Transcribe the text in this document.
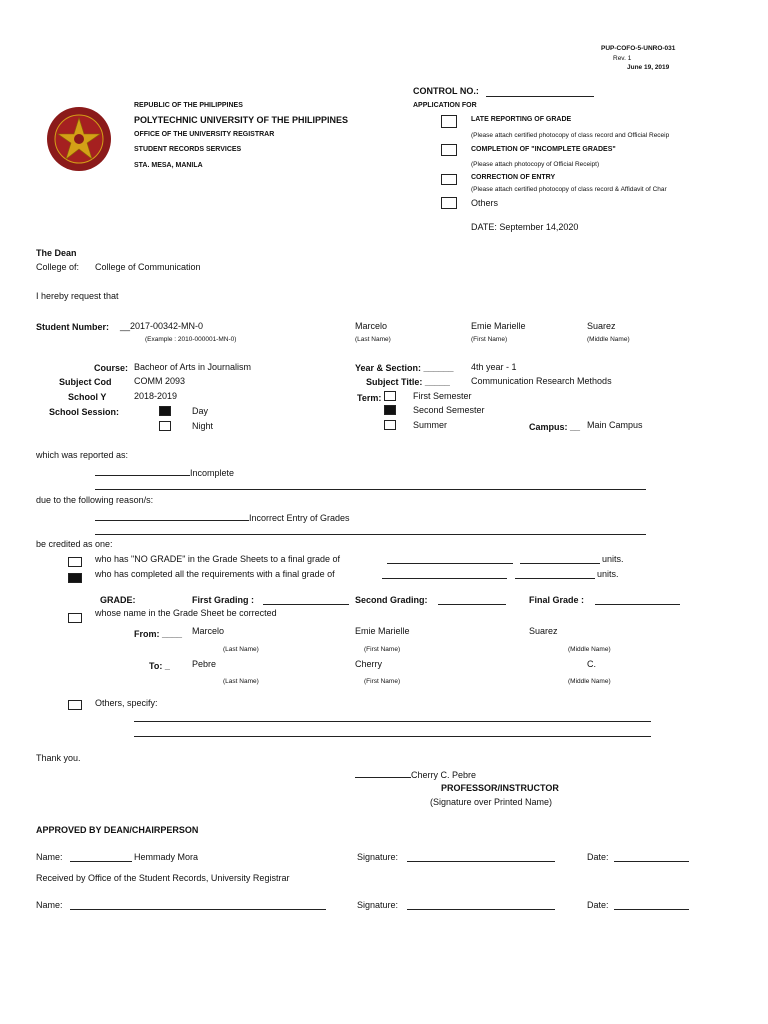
PUP-COFO-5-UNRO-031
Rev. 1
June 19, 2019
CONTROL NO.:
REPUBLIC OF THE PHILIPPINES
POLYTECHNIC UNIVERSITY OF THE PHILIPPINES
OFFICE OF THE UNIVERSITY REGISTRAR
STUDENT RECORDS SERVICES
STA. MESA, MANILA
APPLICATION FOR
LATE REPORTING OF GRADE
(Please attach certified photocopy of class record and Official Receip
COMPLETION OF "INCOMPLETE GRADES"
(Please attach photocopy of Official Receipt)
CORRECTION OF ENTRY
(Please attach certified photocopy of class record & Affidavit of Char
Others
DATE: September 14,2020
The Dean
College of: College of Communication
I hereby request that
Student Number: __2017-00342-MN-0
(Example : 2010-000001-MN-0)
Marcelo
(Last Name)
Emie Marielle
(First Name)
Suarez
(Middle Name)
Course: Bacheor of Arts in Journalism
Subject Cod COMM 2093
School Y	2018-2019
School Session:	Day
Night
Year & Section: ______ 4th year - 1
Subject Title: _____ Communication Research Methods
Term:	First Semester
Second Semester
Summer	Campus: __ Main Campus
which was reported as:
Incomplete
due to the following reason/s:
Incorrect Entry of Grades
be credited as one:
who has "NO GRADE" in the Grade Sheets to a final grade of	units.
who has completed all the requirements with a final grade of	units.
GRADE:	First Grading :	Second Grading:	Final Grade :
whose name in the Grade Sheet be corrected
From: ____ Marcelo	Emie Marielle	Suarez
(Last Name)	(First Name)	(Middle Name)
To: _ Pebre	Cherry	C.
(Last Name)	(First Name)	(Middle Name)
Others, specify:
Thank you.
Cherry C. Pebre
PROFESSOR/INSTRUCTOR
(Signature over Printed Name)
APPROVED BY DEAN/CHAIRPERSON
Name:	Hemmady Mora	Signature:	Date:
Received by Office of the Student Records, University Registrar
Name:	Signature:	Date:
